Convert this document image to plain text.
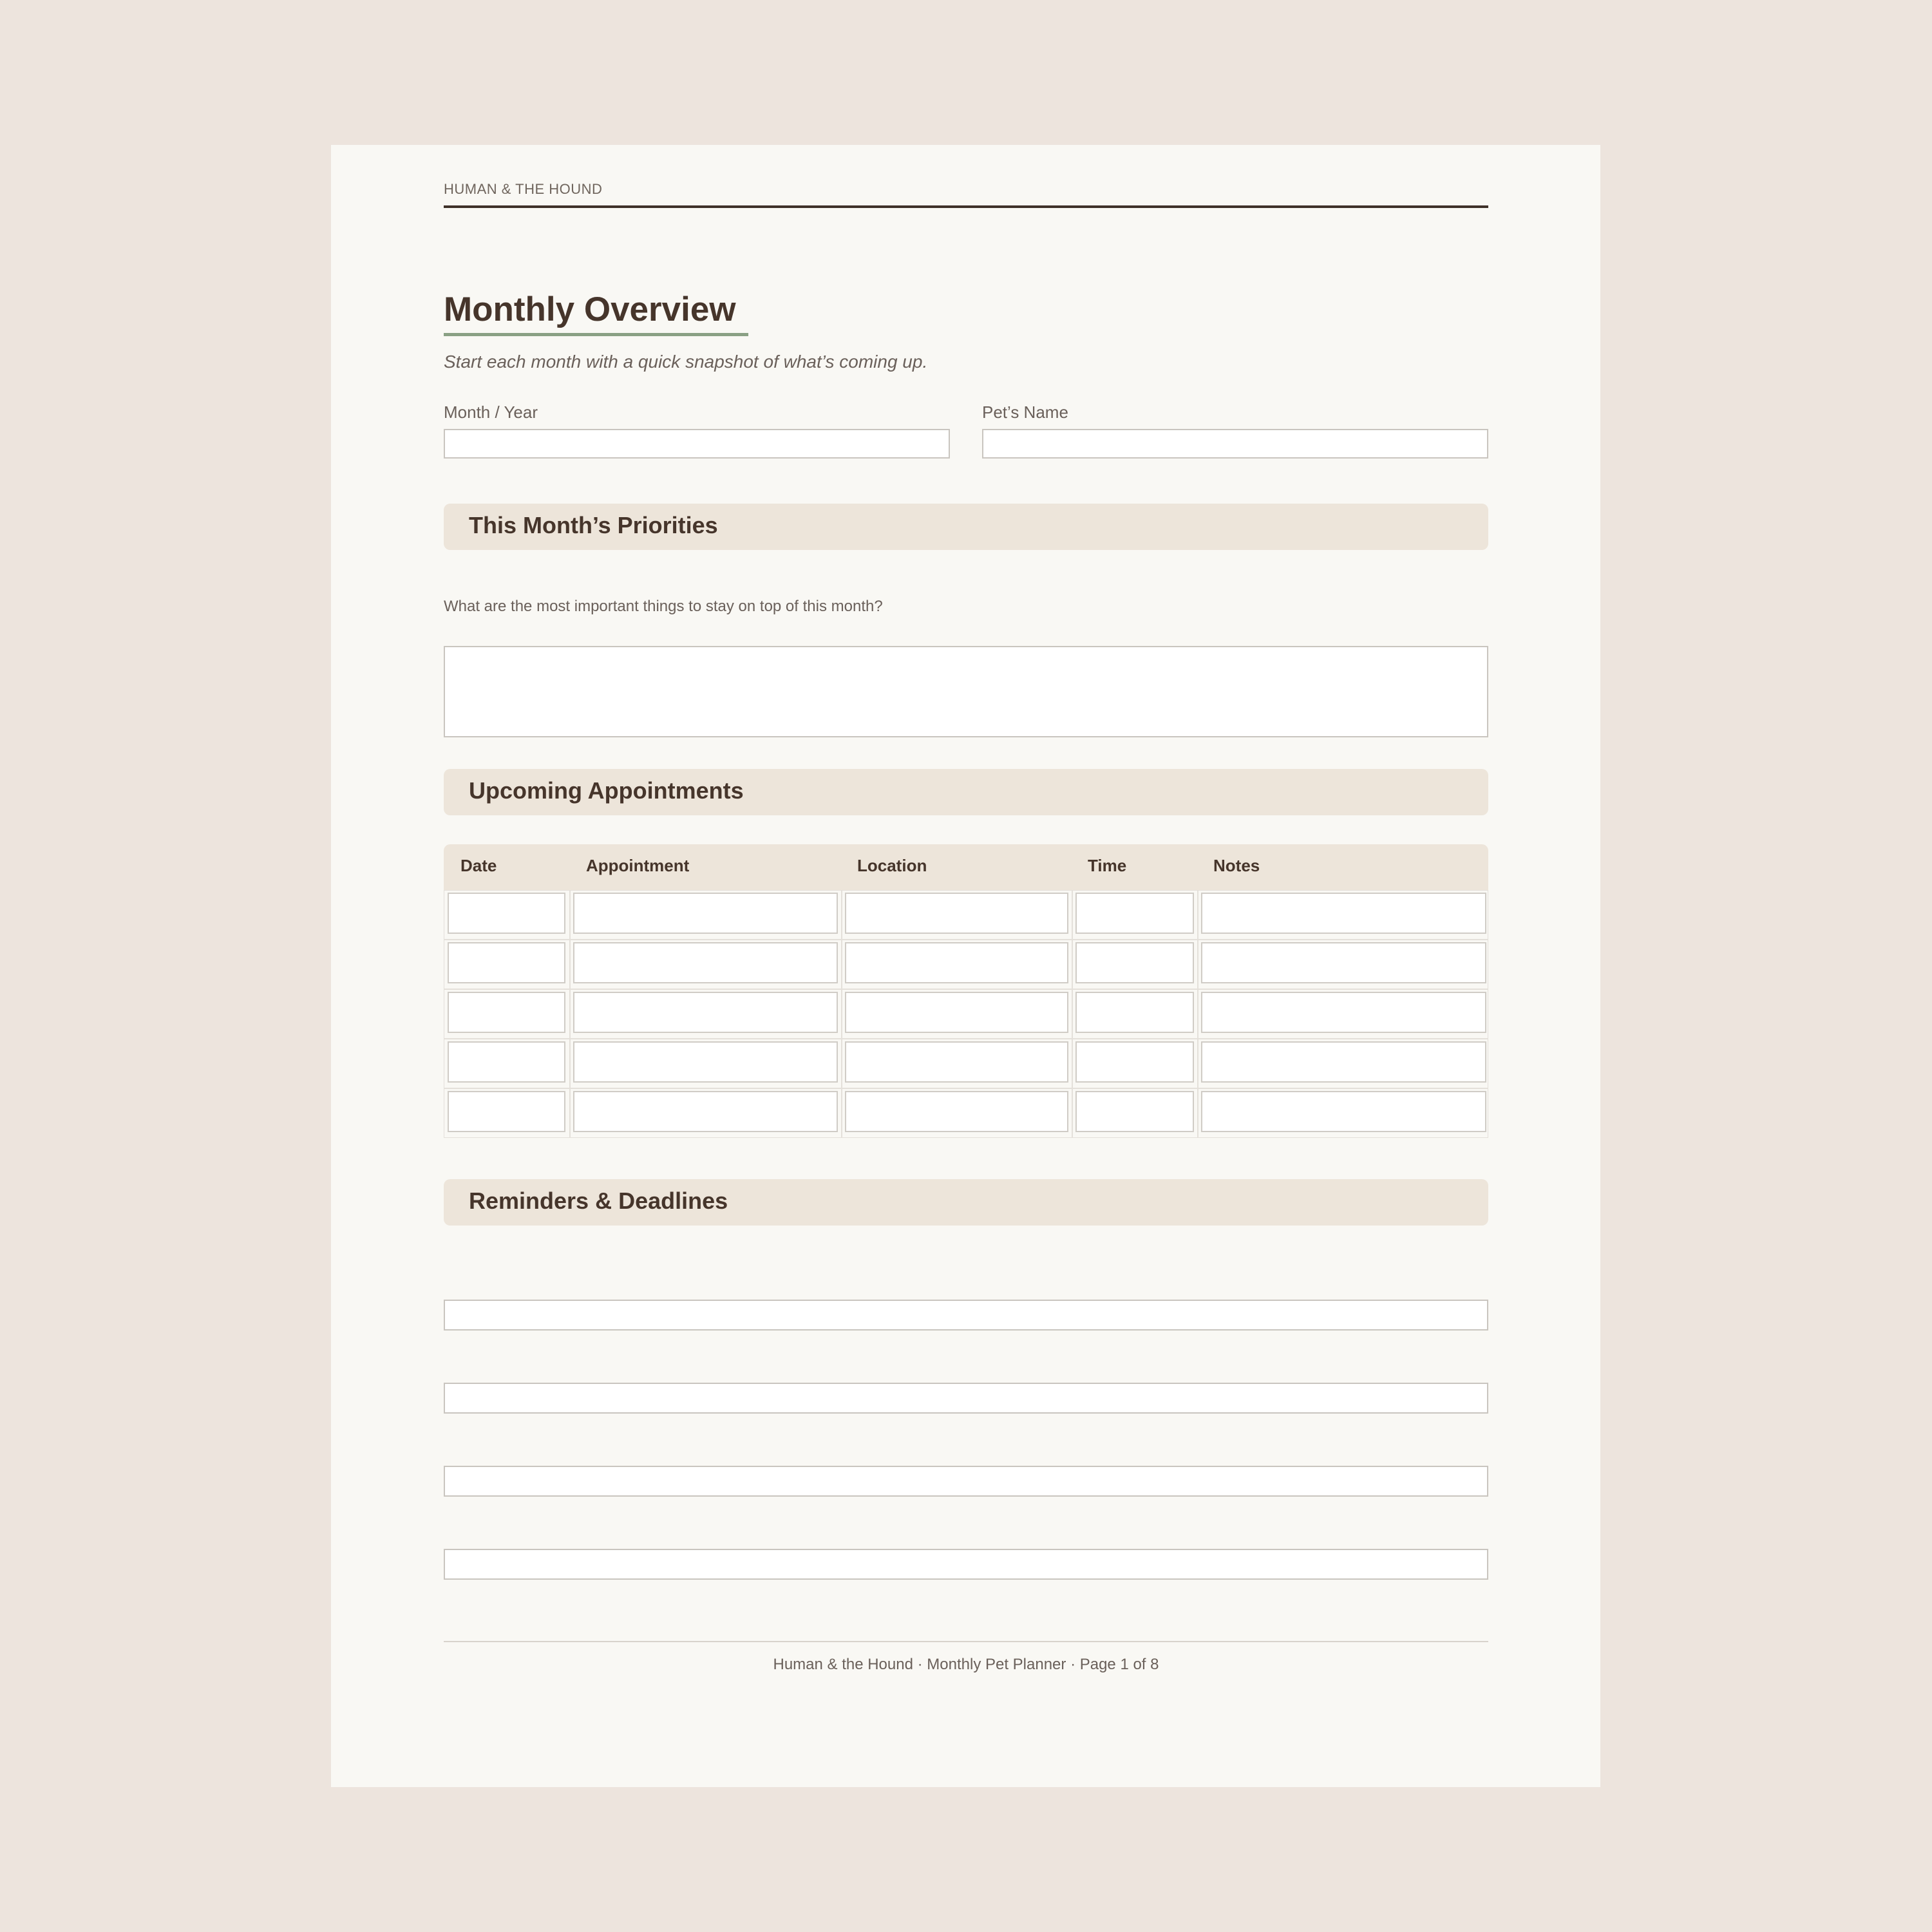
HUMAN & THE HOUND
Monthly Overview
Start each month with a quick snapshot of what’s coming up.
Month / Year	Pet’s Name
This Month’s Priorities
What are the most important things to stay on top of this month?
Upcoming Appointments
Date	Appointment	Location	Time	Notes
Reminders & Deadlines
Human & the Hound · Monthly Pet Planner · Page 1 of 8
